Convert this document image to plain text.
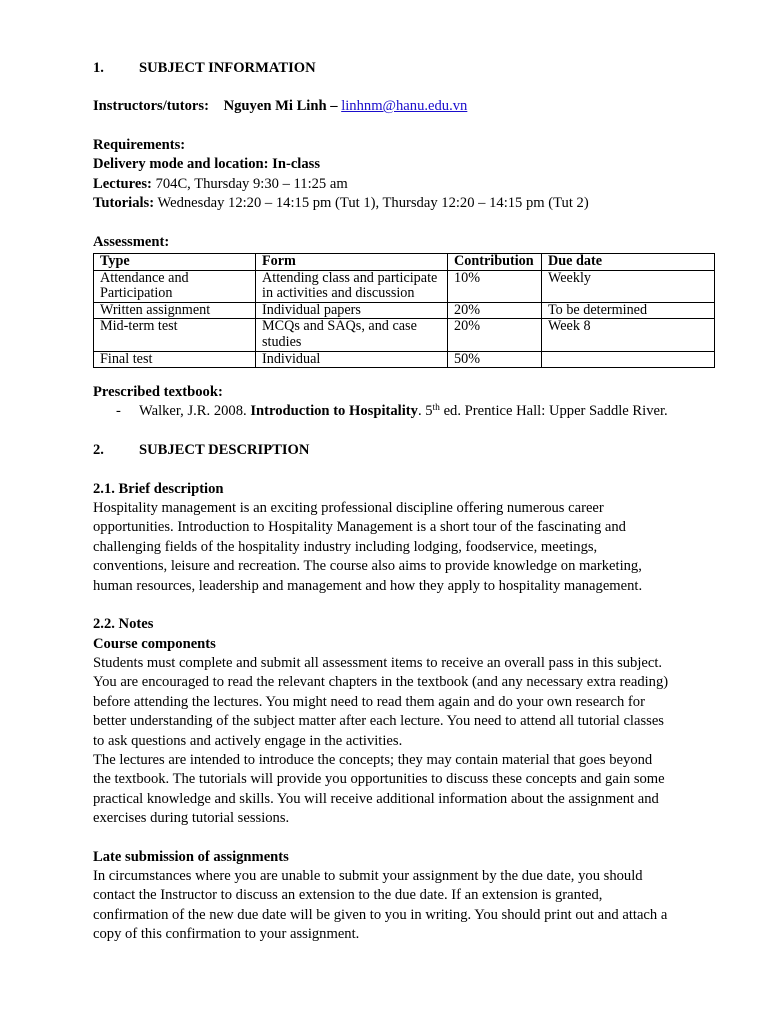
1. SUBJECT INFORMATION
Instructors/tutors: Nguyen Mi Linh – linhnm@hanu.edu.vn
Requirements:
Delivery mode and location: In-class
Lectures: 704C, Thursday 9:30 – 11:25 am
Tutorials: Wednesday 12:20 – 14:15 pm (Tut 1), Thursday 12:20 – 14:15 pm (Tut 2)
Assessment:
Type	Form	Contribution	Due date
Attendance and Participation	Attending class and participate in activities and discussion	10%	Weekly
Written assignment	Individual papers	20%	To be determined
Mid-term test	MCQs and SAQs, and case studies	20%	Week 8
Final test	Individual	50%	
Prescribed textbook:
- Walker, J.R. 2008. Introduction to Hospitality. 5th ed. Prentice Hall: Upper Saddle River.
2. SUBJECT DESCRIPTION
2.1. Brief description

Hospitality management is an exciting professional discipline offering numerous career

opportunities. Introduction to Hospitality Management is a short tour of the fascinating and

challenging fields of the hospitality industry including lodging, foodservice, meetings,

conventions, leisure and recreation. The course also aims to provide knowledge on marketing,

human resources, leadership and management and how they apply to hospitality management.

2.2. Notes
Course components

Students must complete and submit all assessment items to receive an overall pass in this subject.

You are encouraged to read the relevant chapters in the textbook (and any necessary extra reading)

before attending the lectures. You might need to read them again and do your own research for

better understanding of the subject matter after each lecture. You need to attend all tutorial classes

to ask questions and actively engage in the activities.

The lectures are intended to introduce the concepts; they may contain material that goes beyond

the textbook. The tutorials will provide you opportunities to discuss these concepts and gain some

practical knowledge and skills. You will receive additional information about the assignment and

exercises during tutorial sessions.

Late submission of assignments

In circumstances where you are unable to submit your assignment by the due date, you should

contact the Instructor to discuss an extension to the due date. If an extension is granted,

confirmation of the new due date will be given to you in writing. You should print out and attach a

copy of this confirmation to your assignment.
